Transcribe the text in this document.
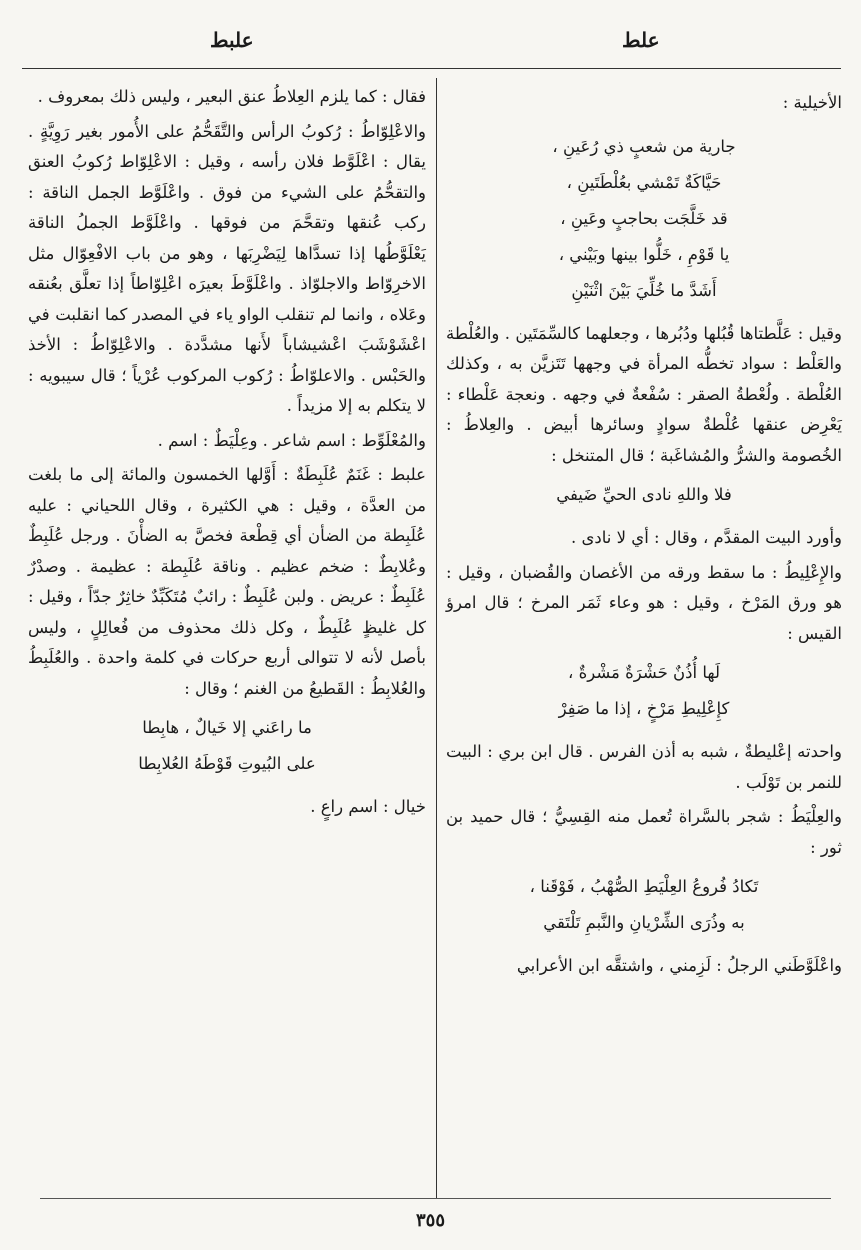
علبط	علط

الأخيلية :

جارية من شعبٍ ذي رُعَينِ ،
حَيَّاكَةٌ تَمْشي بعُلْطَتَينِ ،
قد خَلَّجَت بحاجبٍ وعَينِ ،
يا قَوْمِ ، خَلُّوا بينها وبَيْني ،
أَشَدَّ ما خُلِّيَ بَيْنَ اثْنَيْنِ

وقيل : عَلَّطتاها قُبُلها ودُبُرها ، وجعلهما كالسِّمَتَين . والعُلْطة والعَلْط : سواد تخطُّه المرأة في وجهها تَتَزيَّن به ، وكذلك العُلْطة . ولُعْطةُ الصقر : سُفْعةٌ في وجهه . ونعجة عَلْطاء : يَعْرِض عنقها عُلْطةٌ سوادٍ وسائرها أبيض . والعِلاطُ : الخُصومة والشرُّ والمُشاغَبة ؛ قال المتنخل :

فلا واللهِ نادى الحيِّ ضَيفي

وأورد البيت المقدَّم ، وقال : أي لا نادى .

والإِعْلِيطُ : ما سقط ورقه من الأغصان والقُضبان ، وقيل : هو ورق المَرْخ ، وقيل : هو وعاء ثَمَر المرخ ؛ قال امرؤ القيس :

لَها أُذُنٌ حَشْرَةٌ مَشْرةٌ ،
كإِعْلِيطِ مَرْخٍ ، إذا ما صَفِرْ

واحدته إعْليطةٌ ، شبه به أذن الفرس . قال ابن بري : البيت للنمر بن تَوْلَب .

والعِلْيَطُ : شجر بالسَّراة تُعمل منه القِسِيُّ ؛ قال حميد بن ثور :

تَكادُ فُروعُ العِلْيَطِ الصُّهْبُ ، فَوْقَنا ،
به وذُرَى الشِّرْيانِ والنَّبمِ تَلْتَقي

واعْلَوَّطَني الرجلُ : لَزِمني ، واشتقَّه ابن الأعرابي

فقال : كما يلزم العِلاطُ عنق البعير ، وليس ذلك بمعروف .

والاعْلِوّاطُ : رُكوبُ الرأس والتَّقَحُّمُ على الأُمور بغير رَوِيَّةٍ . يقال : اعْلَوَّط فلان رأسه ، وقيل : الاعْلِوّاط رُكوبُ العنق والتقحُّمُ على الشيء من فوق . واعْلَوَّط الجمل الناقة : ركب عُنقها وتقحَّمَ من فوقها . واعْلَوَّط الجملُ الناقة يَعْلَوَّطُها إذا تسدَّاها لِيَضْرِبَها ، وهو من باب الافْعِوّال مثل الاخرِوّاط والاجلوّاذ . واعْلَوَّطَ بعيرَه اعْلِوّاطاً إذا تعلَّق بعُنقه وعَلاه ، وانما لم تنقلب الواو ياء في المصدر كما انقلبت في اعْشَوْشَبَ اعْشيشاباً لأَنها مشدَّدة . والاعْلِوّاطُ : الأخذ والحَبْس . والاعلوّاطُ : رُكوب المركوب عُرْياً ؛ قال سيبويه : لا يتكلم به إلا مزيداً .

والمُعْلَوِّط : اسم شاعر . وعِلْيَطٌ : اسم .

علبط : غَنَمٌ عُلَبِطَةٌ : أَوَّلها الخمسون والمائة إلى ما بلغت من العدَّة ، وقيل : هي الكثيرة ، وقال اللحياني : عليه عُلَبِطة من الضأن أي قِطْعة فخصَّ به الضأْنَ . ورجل عُلَبِطٌ وعُلابِطٌ : ضخم عظيم . وناقة عُلَبِطة : عظيمة . وصدْرٌ عُلَبِطٌ : عريض . ولبن عُلَبِطٌ : رائبٌ مُتَكَبِّدٌ خاثِرٌ جدّاً ، وقيل : كل غليظٍ عُلَبِطٌ ، وكل ذلك محذوف من فُعالِلٍ ، وليس بأصل لأنه لا تتوالى أربع حركات في كلمة واحدة . والعُلَبِطُ والعُلابِطُ : القَطيعُ من الغنم ؛ وقال :

ما راعَني إلا خَيالٌ ، هابِطا
على البُيوتِ قَوْطَهُ العُلابِطا

خيال : اسم راعٍ .

٣٥٥
